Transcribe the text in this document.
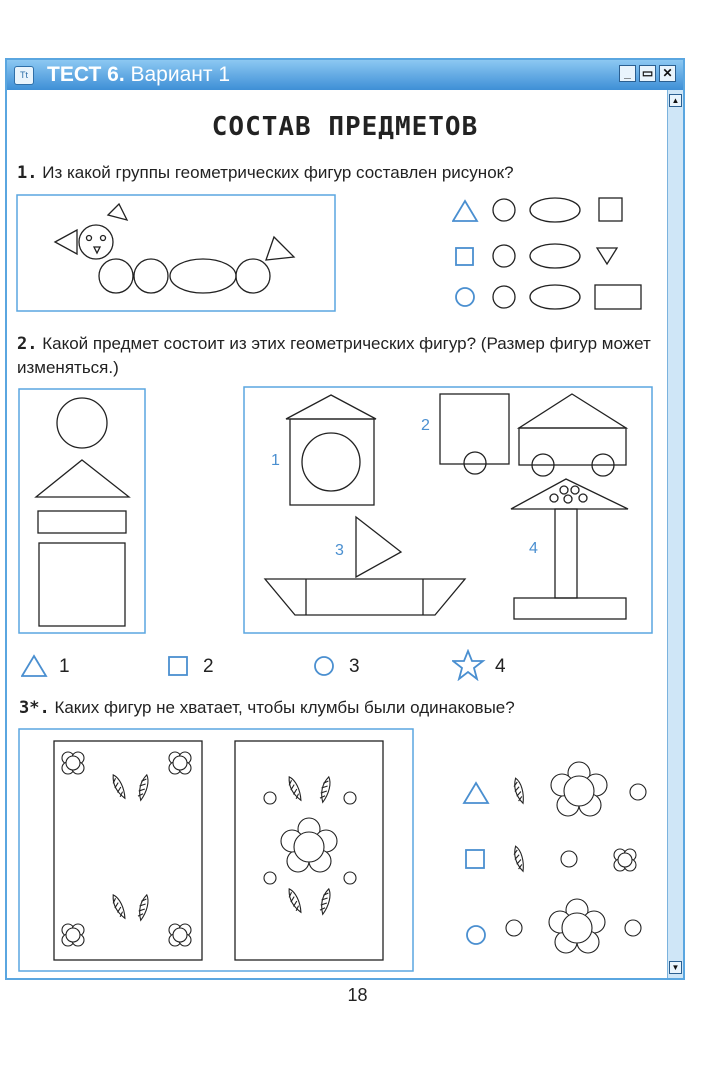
Tt ТЕСТ 6. Вариант 1	_ ▭ ✕
▲
▼
СОСТАВ ПРЕДМЕТОВ
1. Из какой группы геометрических фигур составлен рисунок?
2. Какой предмет состоит из этих геометрических фигур? (Размер фигур может изменяться.)
1
2
3	4
1	2	3	4
3*. Каких фигур не хватает, чтобы клумбы были одинаковые?
18
